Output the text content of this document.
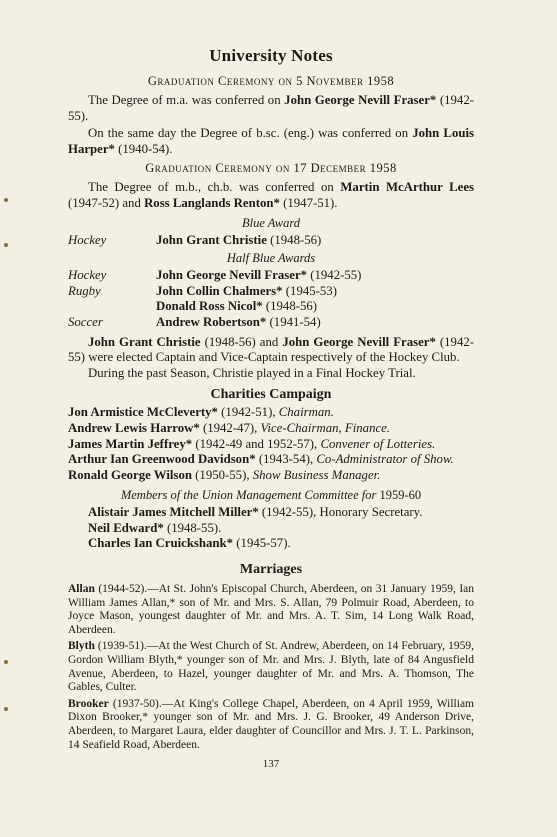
University Notes
Graduation Ceremony on 5 November 1958

The Degree of m.a. was conferred on John George Nevill Fraser* (1942-55).

On the same day the Degree of b.sc. (eng.) was conferred on John Louis Harper* (1940-54).

Graduation Ceremony on 17 December 1958

The Degree of m.b., ch.b. was conferred on Martin McArthur Lees (1947-52) and Ross Langlands Renton* (1947-51).

Blue Award
Hockey	John Grant Christie (1948-56)
Half Blue Awards
Hockey	John George Nevill Fraser* (1942-55)
Rugby	John Collin Chalmers* (1945-53)
Donald Ross Nicol* (1948-56)
Soccer	Andrew Robertson* (1941-54)

John Grant Christie (1948-56) and John George Nevill Fraser* (1942-55) were elected Captain and Vice-Captain respectively of the Hockey Club.

During the past Season, Christie played in a Final Hockey Trial.

Charities Campaign

Jon Armistice McCleverty* (1942-51), Chairman.

Andrew Lewis Harrow* (1942-47), Vice-Chairman, Finance.

James Martin Jeffrey* (1942-49 and 1952-57), Convener of Lotteries.

Arthur Ian Greenwood Davidson* (1943-54), Co-Administrator of Show.

Ronald George Wilson (1950-55), Show Business Manager.

Members of the Union Management Committee for 1959-60

Alistair James Mitchell Miller* (1942-55), Honorary Secretary.

Neil Edward* (1948-55).

Charles Ian Cruickshank* (1945-57).

Marriages

Allan (1944-52).—At St. John's Episcopal Church, Aberdeen, on 31 January 1959, Ian William James Allan,* son of Mr. and Mrs. S. Allan, 79 Polmuir Road, Aberdeen, to Joyce Mason, youngest daughter of Mr. and Mrs. A. T. Sim, 14 Long Walk Road, Aberdeen.

Blyth (1939-51).—At the West Church of St. Andrew, Aberdeen, on 14 February, 1959, Gordon William Blyth,* younger son of Mr. and Mrs. J. Blyth, late of 84 Angusfield Avenue, Aberdeen, to Hazel, younger daughter of Mr. and Mrs. A. Thomson, The Gables, Culter.

Brooker (1937-50).—At King's College Chapel, Aberdeen, on 4 April 1959, William Dixon Brooker,* younger son of Mr. and Mrs. J. G. Brooker, 49 Anderson Drive, Aberdeen, to Margaret Laura, elder daughter of Councillor and Mrs. J. T. L. Parkinson, 14 Seafield Road, Aberdeen.

137
